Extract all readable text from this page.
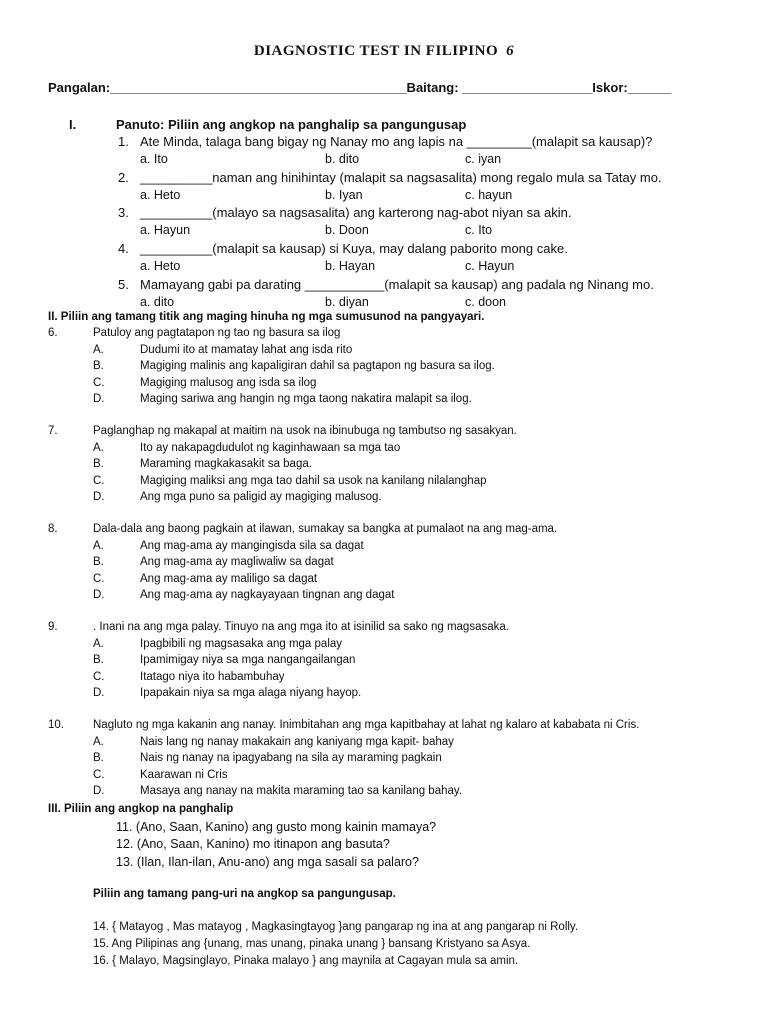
DIAGNOSTIC TEST IN FILIPINO 6
Pangalan:_________________________________________Baitang: __________________Iskor:______
I.	Panuto: Piliin ang angkop na panghalip sa pangungusap
1. Ate Minda, talaga bang bigay ng Nanay mo ang lapis na _________(malapit sa kausap)?
a. Ito	b. dito	c. iyan
2. __________naman ang hinihintay (malapit sa nagsasalita) mong regalo mula sa Tatay mo.
a. Heto	b. Iyan	c. hayun
3. __________(malayo sa nagsasalita) ang karterong nag-abot niyan sa akin.
a. Hayun	b. Doon	c. Ito
4. __________(malapit sa kausap) si Kuya, may dalang paborito mong cake.
a. Heto	b. Hayan	c. Hayun
5. Mamayang gabi pa darating ___________(malapit sa kausap) ang padala ng Ninang mo.
a. dito	b. diyan	c. doon
II. Piliin ang tamang titik ang maging hinuha ng mga sumusunod na pangyayari.
6.	Patuloy ang pagtatapon ng tao ng basura sa ilog
A.	Dudumi ito at mamatay lahat ang isda rito
B.	Magiging malinis ang kapaligiran dahil sa pagtapon ng basura sa ilog.
C.	Magiging malusog ang isda sa ilog
D.	Maging sariwa ang hangin ng mga taong nakatira malapit sa ilog.
7.	Paglanghap ng makapal at maitim na usok na ibinubuga ng tambutso ng sasakyan.
A.	Ito ay nakapagdudulot ng kaginhawaan sa mga tao
B.	Maraming magkakasakit sa baga.
C.	Magiging maliksi ang mga tao dahil sa usok na kanilang nilalanghap
D.	Ang mga puno sa paligid ay magiging malusog.
8.	Dala-dala ang baong pagkain at ilawan, sumakay sa bangka at pumalaot na ang mag-ama.
A.	Ang mag-ama ay mangingisda sila sa dagat
B.	Ang mag-ama ay magliwaliw sa dagat
C.	Ang mag-ama ay maliligo sa dagat
D.	Ang mag-ama ay nagkayayaan tingnan ang dagat
9.	. Inani na ang mga palay. Tinuyo na ang mga ito at isinilid sa sako ng magsasaka.
A.	Ipagbibili ng magsasaka ang mga palay
B.	Ipamimigay niya sa mga nangangailangan
C.	Itatago niya ito habambuhay
D.	Ipapakain niya sa mga alaga niyang hayop.
10.	Nagluto ng mga kakanin ang nanay. Inimbitahan ang mga kapitbahay at lahat ng kalaro at kababata ni Cris.
A.	Nais lang ng nanay makakain ang kaniyang mga kapit- bahay
B.	Nais ng nanay na ipagyabang na sila ay maraming pagkain
C.	Kaarawan ni Cris
D.	Masaya ang nanay na makita maraming tao sa kanilang bahay.
III. Piliin ang angkop na panghalip
11. (Ano, Saan, Kanino) ang gusto mong kainin mamaya?
12. (Ano, Saan, Kanino) mo itinapon ang basuta?
13. (Ilan, Ilan-ilan, Anu-ano) ang mga sasali sa palaro?
Piliin ang tamang pang-uri na angkop sa pangungusap.
14. { Matayog , Mas matayog , Magkasingtayog }ang pangarap ng ina at ang pangarap ni Rolly.
15. Ang Pilipinas ang {unang, mas unang, pinaka unang } bansang Kristyano sa Asya.
16. { Malayo, Magsinglayo, Pinaka malayo } ang maynila at Cagayan mula sa amin.
